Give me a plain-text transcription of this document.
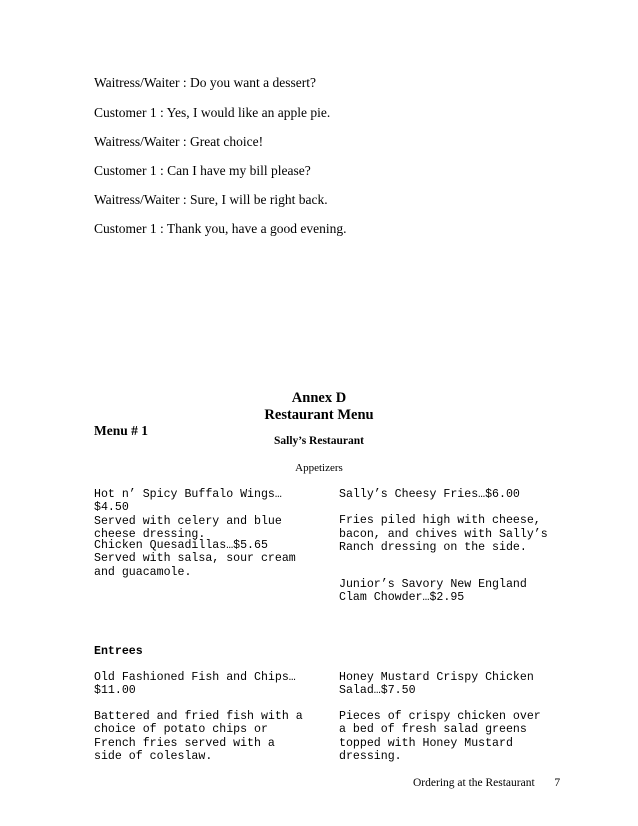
Waitress/Waiter : Do you want a dessert?
Customer 1 : Yes, I would like an apple pie.
Waitress/Waiter : Great choice!
Customer 1 : Can I have my bill please?
Waitress/Waiter : Sure, I will be right back.
Customer 1 : Thank you, have a good evening.
Annex D
Restaurant Menu
Menu # 1
Sally’s Restaurant
Appetizers
Hot n’ Spicy Buffalo Wings…$4.50
Served with celery and blue cheese dressing.
Chicken Quesadillas…$5.65
Served with salsa, sour cream and guacamole.
Sally’s Cheesy Fries…$6.00
Fries piled high with cheese, bacon, and chives with Sally’s Ranch dressing on the side.
Junior’s Savory New England Clam Chowder…$2.95
Entrees
Old Fashioned Fish and Chips…$11.00
Battered and fried fish with a choice of potato chips or French fries served with a side of coleslaw.
Honey Mustard Crispy Chicken Salad…$7.50
Pieces of crispy chicken over a bed of fresh salad greens topped with Honey Mustard dressing.
Ordering at the Restaurant 7
